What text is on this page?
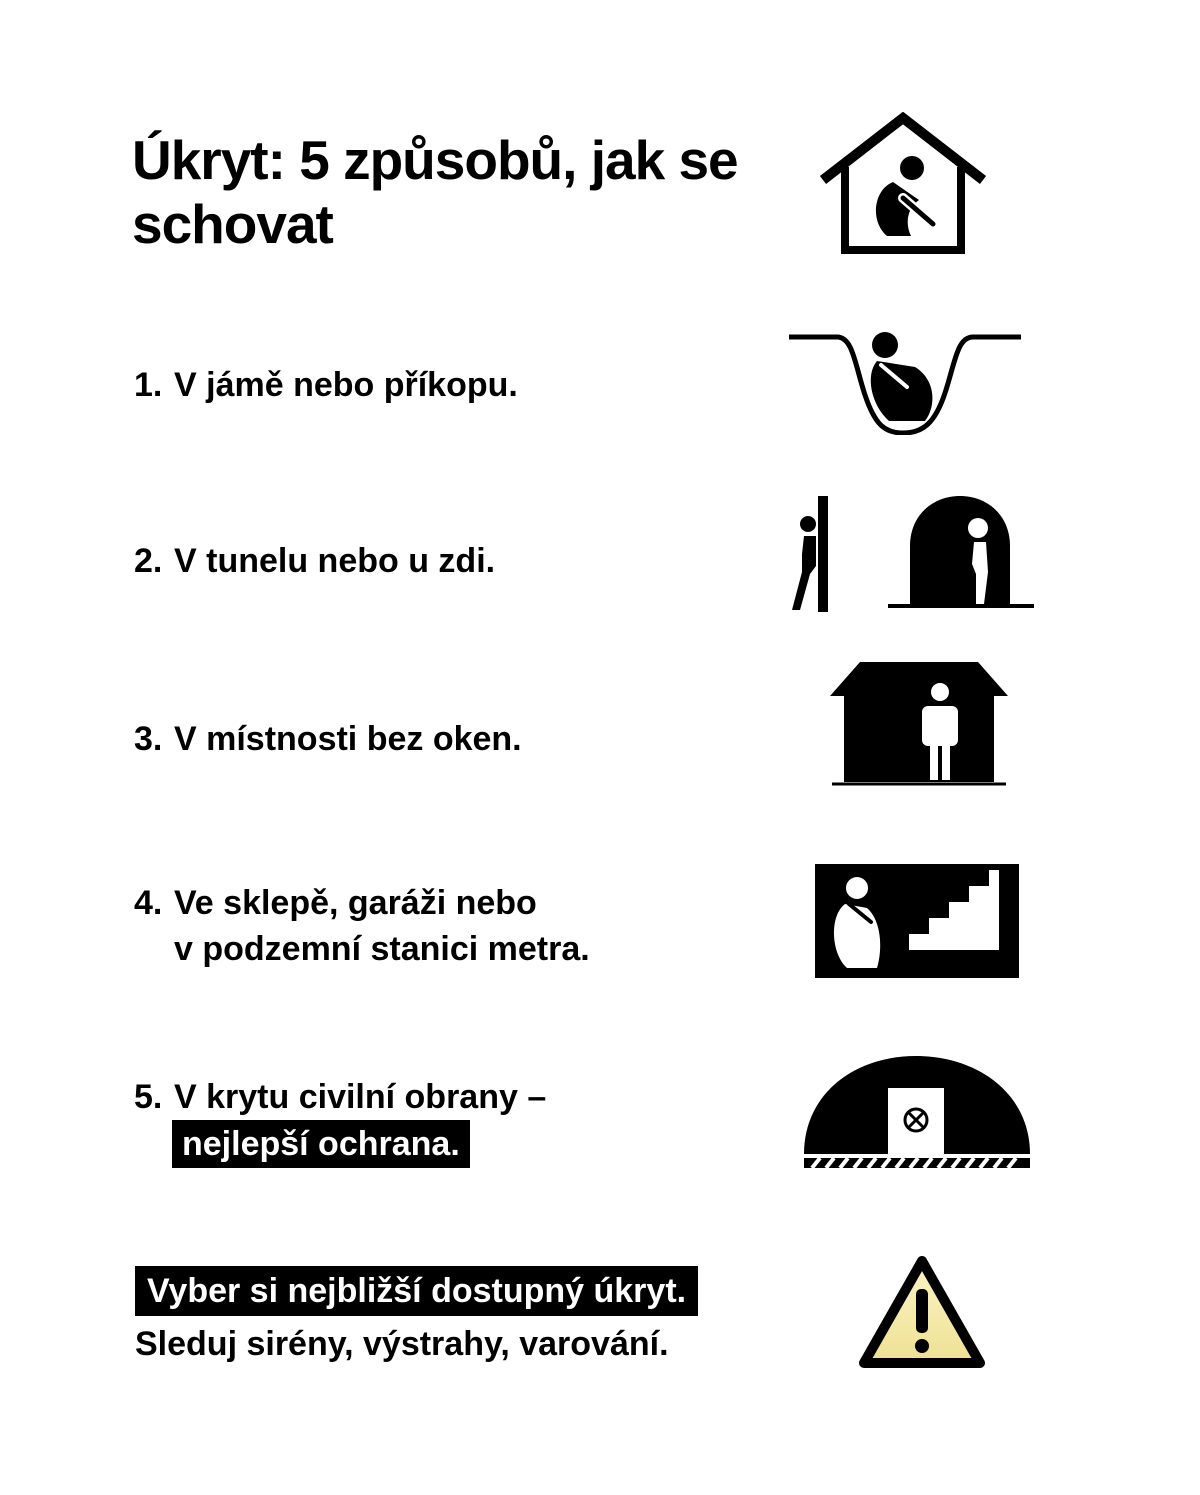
Úkryt: 5 způsobů, jak se schovat
1. V jámě nebo příkopu.
2. V tunelu nebo u zdi.
3. V místnosti bez oken.
4. Ve sklepě, garáži nebo
v podzemní stanici metra.
5. V krytu civilní obrany –
nejlepší ochrana.
Vyber si nejbližší dostupný úkryt.
Sleduj sirény, výstrahy, varování.
